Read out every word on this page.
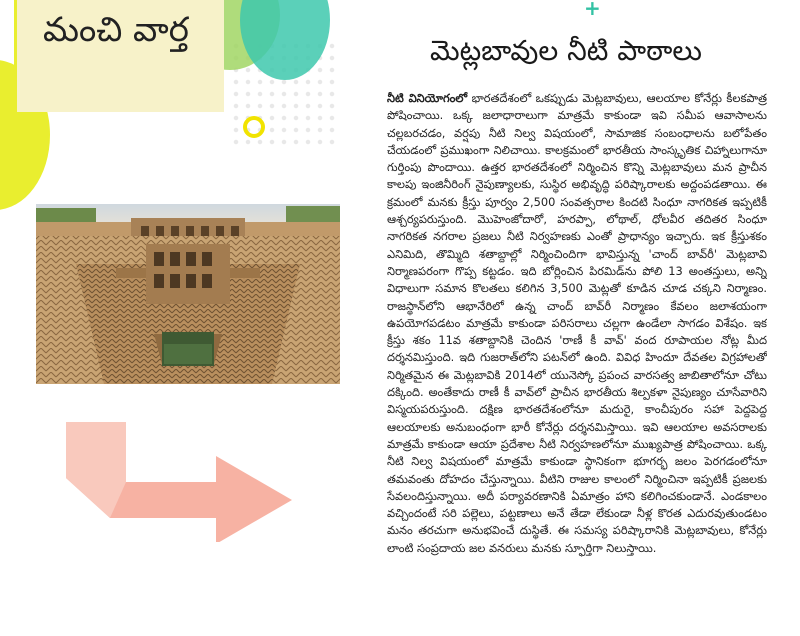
+
మంచి వార్త
మెట్లబావుల నీటి పాఠాలు
నీటి వినియోగంలో భారతదేశంలో ఒకప్పుడు మెట్లబావులు, ఆలయాల కోనేర్లు కీలకపాత్ర పోషించాయి. ఒక్క జలాధారాలుగా మాత్రమే కాకుండా ఇవి సమీప ఆవాసాలను చల్లబరచడం, వర్షపు నీటి నిల్వ విషయంలో, సామాజిక సంబంధాలను బలోపేతం చేయడంలో ప్రముఖంగా నిలిచాయి. కాలక్రమంలో భారతీయ సాంస్కృతిక చిహ్నాలుగానూ గుర్తింపు పొందాయి. ఉత్తర భారతదేశంలో నిర్మించిన కొన్ని మెట్లబావులు మన ప్రాచీన కాలపు ఇంజినీరింగ్ నైపుణ్యాలకు, సుస్థిర అభివృద్ధి పరిష్కారాలకు అద్దంపడతాయి. ఈ క్రమంలో మనకు క్రీస్తు పూర్వం 2,500 సంవత్సరాల కిందటి సింధూ నాగరికత ఇప్పటికీ ఆశ్చర్యపరుస్తుంది. మొహెంజోదారో, హరప్పా, లోథాల్, ధోలవీర తదితర సింధూ నాగరికత నగరాల ప్రజలు నీటి నిర్వహణకు ఎంతో ప్రాధాన్యం ఇచ్చారు. ఇక క్రీస్తుశకం ఎనిమిది, తొమ్మిది శతాబ్దాల్లో నిర్మించిందిగా భావిస్తున్న 'చాంద్ బావ్‌రీ' మెట్లబావి నిర్మాణపరంగా గొప్ప కట్టడం. ఇది బోర్లించిన పిరమిడ్‌ను పోలి 13 అంతస్తులు, అన్ని విధాలుగా సమాన కొలతలు కలిగిన 3,500 మెట్లతో కూడిన చూడ చక్కని నిర్మాణం. రాజస్థాన్‌లోని ఆభానేరిలో ఉన్న చాంద్ బావ్‌రీ నిర్మాణం కేవలం జలాశయంగా ఉపయోగపడటం మాత్రమే కాకుండా పరిసరాలు చల్లగా ఉండేలా సాగడం విశేషం. ఇక క్రీస్తు శకం 11వ శతాబ్దానికి చెందిన 'రాణీ కీ వావ్' వంద రూపాయల నోట్ల మీద దర్శనమిస్తుంది. ఇది గుజరాత్‌లోని పటన్‌లో ఉంది. వివిధ హిందూ దేవతల విగ్రహాలతో నిర్మితమైన ఈ మెట్లబావికి 2014లో యునెస్కో ప్రపంచ వారసత్వ జాబితాలోనూ చోటు దక్కింది. అంతేకాదు రాణీ కీ వావ్‌లో ప్రాచీన భారతీయ శిల్పకళా నైపుణ్యం చూసేవారిని విస్మయపరుస్తుంది. దక్షిణ భారతదేశంలోనూ మదురై, కాంచీపురం సహా పెద్దపెద్ద ఆలయాలకు అనుబంధంగా భారీ కోనేర్లు దర్శనమిస్తాయి. ఇవి ఆలయాల అవసరాలకు మాత్రమే కాకుండా ఆయా ప్రదేశాల నీటి నిర్వహణలోనూ ముఖ్యపాత్ర పోషించాయి. ఒక్క నీటి నిల్వ విషయంలో మాత్రమే కాకుండా స్థానికంగా భూగర్భ జలం పెరగడంలోనూ తమవంతు దోహదం చేస్తున్నాయి. వీటిని రాజుల కాలంలో నిర్మించినా ఇప్పటికీ ప్రజలకు సేవలందిస్తున్నాయి. అదీ పర్యావరణానికి ఏమాత్రం హాని కలిగించకుండానే. ఎండకాలం వచ్చిందంటే సరి పల్లెలు, పట్టణాలు అనే తేడా లేకుండా నీళ్ల కొరత ఎదురవుతుండటం మనం తరచుగా అనుభవించే దుస్థితే. ఈ సమస్య పరిష్కారానికి మెట్లబావులు, కోనేర్లు లాంటి సంప్రదాయ జల వనరులు మనకు స్ఫూర్తిగా నిలుస్తాయి.
